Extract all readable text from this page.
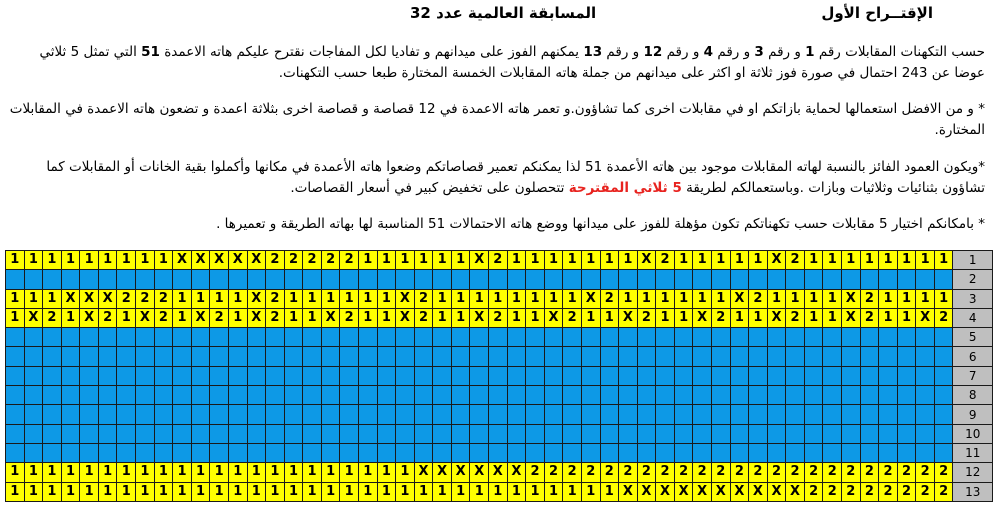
المسابقة العالمية عدد 32	الإقتــراح الأول
حسب التكهنات المقابلات رقم 1 و رقم 3 و رقم 4 و رقم 12 و رقم 13 يمكنهم الفوز على ميدانهم و تفاديا لكل المفاجات نقترح عليكم هاته الاعمدة 51 التي تمثل 5 ثلاثي عوضا عن 243 احتمال في صورة فوز ثلاثة او اكثر على ميدانهم من جملة هاته المقابلات الخمسة المختارة طبعا حسب التكهنات.
* و من الافضل استعمالها لحماية بازاتكم او في مقابلات اخرى كما تشاؤون.و تعمر هاته الاعمدة في 12 قصاصة و قصاصة اخرى بثلاثة اعمدة و تضعون هاته الاعمدة في المقابلات المختارة.
*ويكون العمود الفائز بالنسبة لهاته المقابلات موجود بين هاته الأعمدة 51 لذا يمكنكم تعمير قصاصاتكم وضعوا هاته الأعمدة في مكانها وأكملوا بقية الخانات أو المقابلات كما تشاؤون بثنائيات وثلاثيات وبازات .وباستعمالكم لطريقة 5 ثلاثي المقترحة تتحصلون على تخفيض كبير في أسعار القصاصات.
* بامكانكم اختيار 5 مقابلات حسب تكهناتكم تكون مؤهلة للفوز على ميدانها ووضع هاته الاحتمالات 51 المناسبة لها بهاته الطريقة و تعميرها .
1	1	1	1	1	1	1	1	1	X	X	X	X	X	2	2	2	2	2	1	1	1	1	1	1	X	2	1	1	1	1	1	1	1	X	2	1	1	1	1	1	X	2	1	1	1	1	1	1	1	1	1
																																																			2
1	1	1	X	X	X	2	2	2	1	1	1	1	X	2	1	1	1	1	1	1	X	2	1	1	1	1	1	1	1	1	X	2	1	1	1	1	1	1	X	2	1	1	1	1	X	2	1	1	1	1	3
1	X	2	1	X	2	1	X	2	1	X	2	1	X	2	1	1	X	2	1	1	X	2	1	1	X	2	1	1	X	2	1	1	X	2	1	1	X	2	1	1	X	2	1	1	X	2	1	1	X	2	4
																																																			5
																																																			6
																																																			7
																																																			8
																																																			9
																																																			10
																																																			11
1	1	1	1	1	1	1	1	1	1	1	1	1	1	1	1	1	1	1	1	1	1	X	X	X	X	X	X	2	2	2	2	2	2	2	2	2	2	2	2	2	2	2	2	2	2	2	2	2	2	2	12
1	1	1	1	1	1	1	1	1	1	1	1	1	1	1	1	1	1	1	1	1	1	1	1	1	1	1	1	1	1	1	1	1	X	X	X	X	X	X	X	X	X	X	2	2	2	2	2	2	2	2	13
